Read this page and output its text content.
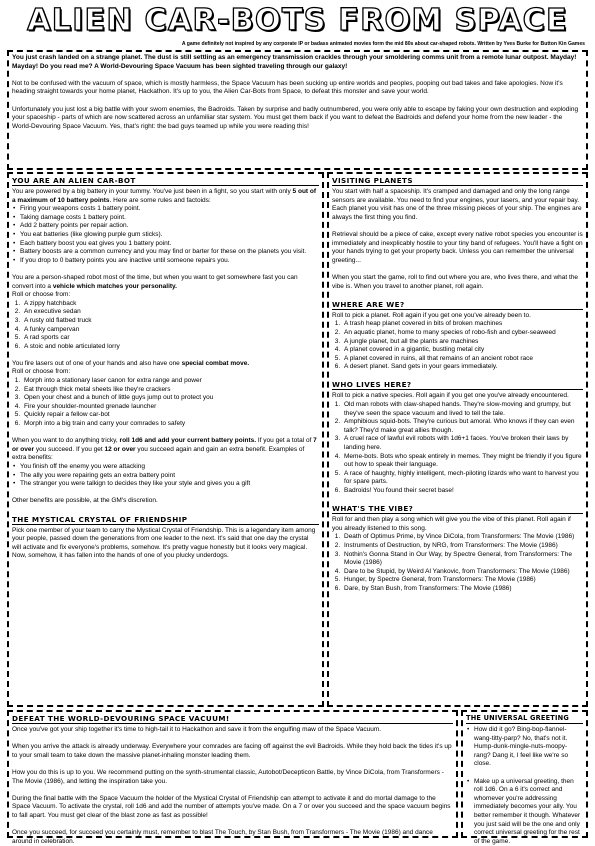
ALIEN CAR-BOTS FROM SPACE
A game definitely not inspired by any corporate IP or badass animated movies form the mid 80s about car-shaped robots. Written by Yves Burke for Button Kin Games

You just crash landed on a strange planet. The dust is still settling as an emergency transmission crackles through your smoldering comms unit from a remote lunar outpost. Mayday! Mayday! Do you read me? A World-Devouring Space Vacuum has been sighted traveling through our galaxy!

Not to be confused with the vacuum of space, which is mostly harmless, the Space Vacuum has been sucking up entire worlds and peoples, pooping out bad takes and fake apologies. Now it's heading straight towards your home planet, Hackathon. It's up to you, the Alien Car-Bots from Space, to defeat this monster and save your world.

Unfortunately you just lost a big battle with your sworn enemies, the Badroids. Taken by surprise and badly outnumbered, you were only able to escape by faking your own destruction and exploding your spaceship - parts of which are now scattered across an unfamiliar star system. You must get them back if you want to defeat the Badroids and defend your home from the new leader - the World-Devouring Space Vacuum. Yes, that's right: the bad guys teamed up while you were reading this!

YOU ARE AN ALIEN CAR-BOT

You are powered by a big battery in your tummy. You've just been in a fight, so you start with only 5 out of a maximum of 10 battery points. Here are some rules and factoids:

• Firing your weapons costs 1 battery point.
• Taking damage costs 1 battery point.
• Add 2 battery points per repair action.
• You eat batteries (like glowing purple gum sticks).
• Each battery boost you eat gives you 1 battery point.
• Battery boosts are a common currency and you may find or barter for these on the planets you visit.
• If you drop to 0 battery points you are inactive until someone repairs you.

You are a person-shaped robot most of the time, but when you want to get somewhere fast you can convert into a vehicle which matches your personality.
Roll or choose from:

1. A zippy hatchback
2. An executive sedan
3. A rusty old flatbed truck
4. A funky campervan
5. A rad sports car
6. A stoic and noble articulated lorry

You fire lasers out of one of your hands and also have one special combat move.
Roll or choose from:

1. Morph into a stationary laser canon for extra range and power
2. Eat through thick metal sheets like they're crackers
3. Open your chest and a bunch of little guys jump out to protect you
4. Fire your shoulder-mounted grenade launcher
5. Quickly repair a fellow car-bot
6. Morph into a big train and carry your comrades to safety

When you want to do anything tricky, roll 1d6 and add your current battery points. If you get a total of 7 or over you succeed. If you get 12 or over you succeed again and gain an extra benefit. Examples of extra benefits:

• You finish off the enemy you were attacking
• The ally you were repairing gets an extra battery point
• The stranger you were talkign to decides they like your style and gives you a gift

Other benefits are possible, at the GM's discretion.

THE MYSTICAL CRYSTAL OF FRIENDSHIP

Pick one member of your team to carry the Mystical Crystal of Friendship. This is a legendary item among your people, passed down the generations from one leader to the next. It's said that one day the crystal will activate and fix everyone's problems, somehow. It's pretty vague honestly but it looks very magical. Now, somehow, it has fallen into the hands of one of you plucky underdogs.

VISITING PLANETS

You start with half a spaceship. It's cramped and damaged and only the long range sensors are available. You need to find your engines, your lasers, and your repair bay. Each planet you visit has one of the three missing pieces of your ship. The engines are always the first thing you find.

Retrieval should be a piece of cake, except every native robot species you encounter is immediately and inexplicably hostile to your tiny band of refugees. You'll have a fight on your hands trying to get your property back. Unless you can remember the universal greeting...

When you start the game, roll to find out where you are, who lives there, and what the vibe is. When you travel to another planet, roll again.

WHERE ARE WE?

Roll to pick a planet. Roll again if you get one you've already been to.

1. A trash heap planet covered in bits of broken machines
2. An aquatic planet, home to many species of robo-fish and cyber-seaweed
3. A jungle planet, but all the plants are machines
4. A planet covered in a gigantic, bustling metal city
5. A planet covered in ruins, all that remains of an ancient robot race
6. A desert planet. Sand gets in your gears immediately.

WHO LIVES HERE?

Roll to pick a native species. Roll again if you get one you've already encountered.

1. Old man robots with claw-shaped hands. They're slow-moving and grumpy, but they've seen the space vacuum and lived to tell the tale.
2. Amphibious squid-bots. They're curious but amoral. Who knows if they can even talk? They'd make great allies though.
3. A cruel race of lawful evil robots with 1d6+1 faces. You've broken their laws by landing here.
4. Meme-bots. Bots who speak entirely in memes. They might be friendly if you figure out how to speak their language.
5. A race of haughty, highly intelligent, mech-piloting lizards who want to harvest you for spare parts.
6. Badroids! You found their secret base!

WHAT'S THE VIBE?

Roll for and then play a song which will give you the vibe of this planet. Roll again if you already listened to this song.

1. Death of Optimus Prime, by Vince DiCola, from Transformers: The Movie (1986)
2. Instruments of Destruction, by NRG, from Transformers: The Movie (1986)
3. Nothin's Gonna Stand in Our Way, by Spectre General, from Transformers: The Movie (1986)
4. Dare to be Stupid, by Weird Al Yankovic, from Transformers: The Movie (1986)
5. Hunger, by Spectre General, from Transformers: The Movie (1986)
6. Dare, by Stan Bush, from Transformers: The Movie (1986)

DEFEAT THE WORLD-DEVOURING SPACE VACUUM!

Once you've got your ship together it's time to high-tail it to Hackathon and save it from the engulfing maw of the Space Vacuum.

When you arrive the attack is already underway. Everywhere your comrades are facing off against the evil Badroids. While they hold back the tides it's up to your small team to take down the massive planet-inhaling monster leading them.

How you do this is up to you. We recommend putting on the synth-strumental classic, Autobot/Decepticon Battle, by Vince DiCola, from Transformers - The Movie (1986), and letting the inspiration take you.

During the final battle with the Space Vacuum the holder of the Mystical Crystal of Friendship can attempt to activate it and do mortal damage to the Space Vacuum. To activate the crystal, roll 1d6 and add the number of attempts you've made. On a 7 or over you succeed and the space vacuum begins to fall apart. You must get clear of the blast zone as fast as possible!

Once you succeed, for succeed you certainly must, remember to blast The Touch, by Stan Bush, from Transformers - The Movie (1986) and dance around in celebration.

THE UNIVERSAL GREETING

• How did it go? Bing-bop-flannel-wang-titty-parp? No, that's not it. Hump-dunk-mingle-nuts-moopy-rang? Dang it, I feel like we're so close.
• Make up a universal greeting, then roll 1d6. On a 6 it's correct and whomever you're addressing immediately becomes your ally. You better remember it though. Whatever you just said will be the one and only correct universal greeting for the rest of the game.
